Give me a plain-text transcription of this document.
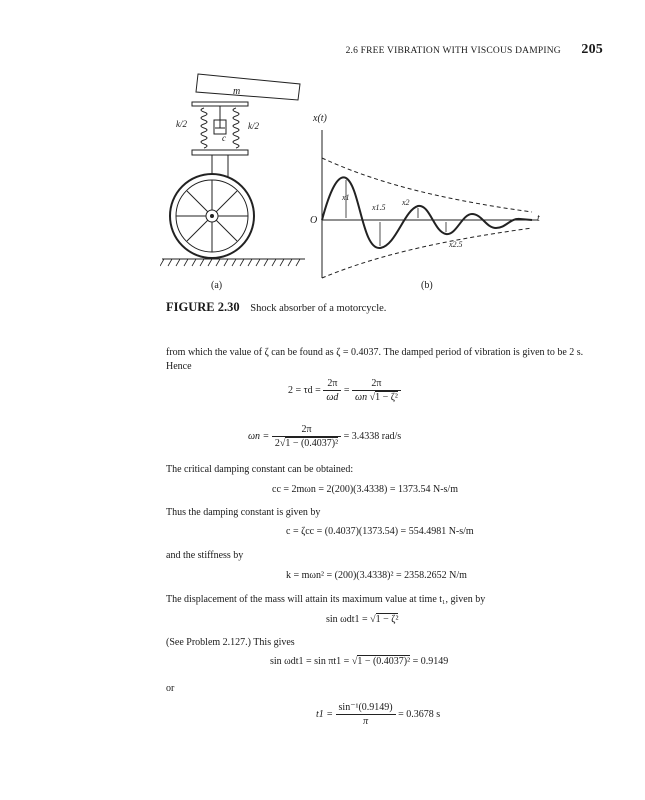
2.6 FREE VIBRATION WITH VISCOUS DAMPING 205
m
k/2	k/2
c
(a)
x(t)
t
O
x1
x1.5
x2
x2.5
(b)
FIGURE 2.30 Shock absorber of a motorcycle.
from which the value of ζ can be found as ζ = 0.4037. The damped period of vibration is given to be 2 s. Hence
$2 = \tau d = \frac{2\pi}{\omega d} = \frac{2\pi}{\text{ωn √1 − ζ²}}$
$\omega n = \frac{2\pi}{\text{2√1 − (0.4037)²}} = 3.4338$ rad/s
The critical damping constant can be obtained:
cc = 2mωn = 2(200)(3.4338) = 1373.54 N-s/m
Thus the damping constant is given by
c = ζcc = (0.4037)(1373.54) = 554.4981 N-s/m
and the stiffness by
k = mωn² = (200)(3.4338)² = 2358.2652 N/m
The displacement of the mass will attain its maximum value at time t₁, given by
sin ωdt1 = √1 − ζ²
(See Problem 2.127.) This gives
sin ωdt1 = sin πt1 = √1 − (0.4037)² = 0.9149
or
$t1 = \frac{\text{sin⁻¹(0.9149)}}{\pi} = 0.3678$ s
